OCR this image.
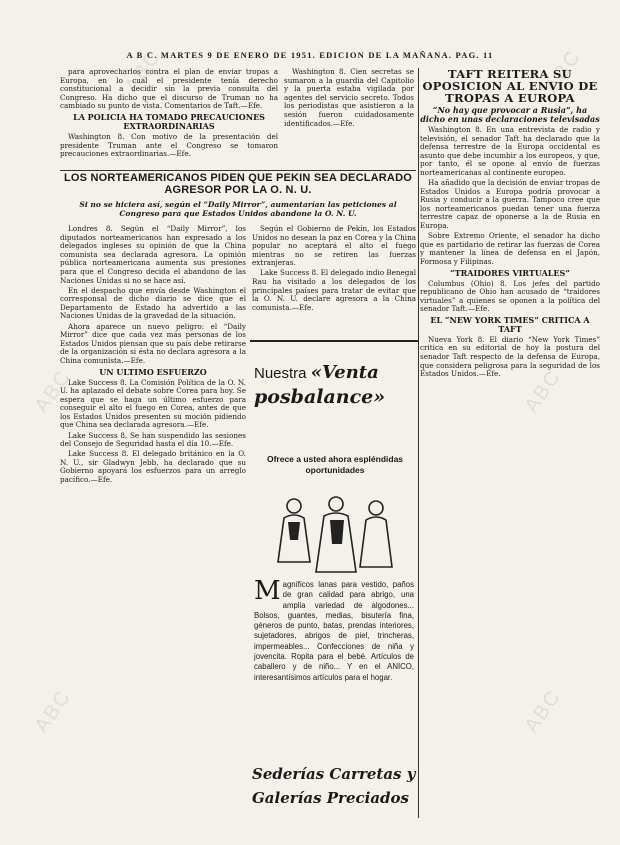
ABC	ABC
ABC	ABC
ABC	ABC
A B C. MARTES 9 DE ENERO DE 1951. EDICION DE LA MAÑANA. PAG. 11

para aprovecharlos contra el plan de enviar tropas a Europa, en lo cual el presidente tenía derecho constitucional a decidir sin la previa consulta del Congreso. Ha dicho que el discurso de Truman no ha cambiado su punto de vista. Comentarios de Taft.—Efe.

LA POLICIA HA TOMADO PRECAUCIONES EXTRAORDINARIAS

Washington 8. Con motivo de la presentación del presidente Truman ante el Congreso se tomaron precauciones extraordinarias.—Efe.

Washington 8. Cien secretas se sumaron a la guardia del Capitolio y la puerta estaba vigilada por agentes del servicio secreto. Todos los periodistas que asistieron a la sesión fueron cuidadosamente identificados.—Efe.

TAFT REITERA SU OPOSICION AL ENVIO DE TROPAS A EUROPA
“No hay que provocar a Rusia”, ha dicho en unas declaraciones televisadas

Washington 8. En una entrevista de radio y televisión, el senador Taft ha declarado que la defensa terrestre de la Europa occidental es asunto que debe incumbir a los europeos, y que, por tanto, él se opone al envío de fuerzas norteamericanas al continente europeo.

Ha añadido que la decisión de enviar tropas de Estados Unidos a Europa podría provocar a Rusia y conducir a la guerra. Tampoco cree que los norteamericanos puedan tener una fuerza terrestre capaz de oponerse a la de Rusia en Europa.

Sobre Extremo Oriente, el senador ha dicho que es partidario de retirar las fuerzas de Corea y mantener la línea de defensa en el Japón, Formosa y Filipinas.

“TRAIDORES VIRTUALES”

Columbus (Ohio) 8. Los jefes del partido republicano de Ohio han acusado de “traidores virtuales” a quienes se oponen a la política del senador Taft.—Efe.

EL “NEW YORK TIMES” CRITICA A TAFT

Nueva York 8. El diario “New York Times” critica en su editorial de hoy la postura del senador Taft respecto de la defensa de Europa, que considera peligrosa para la seguridad de los Estados Unidos.—Efe.

LOS NORTEAMERICANOS PIDEN QUE PEKIN SEA DECLARADO AGRESOR POR LA O. N. U.
Si no se hiciera así, según el “Daily Mirror”, aumentarían las peticiones al Congreso para que Estados Unidos abandone la O. N. U.

Londres 8. Según el “Daily Mirror”, los diputados norteamericanos han expresado a los delegados ingleses su opinión de que la China comunista sea declarada agresora. La opinión pública norteamericana aumenta sus presiones para que el Congreso decida el abandono de las Naciones Unidas si no se hace así.

En el despacho que envía desde Washington el corresponsal de dicho diario se dice que el Departamento de Estado ha advertido a las Naciones Unidas de la gravedad de la situación.

Ahora aparece un nuevo peligro: el “Daily Mirror” dice que cada vez más personas de los Estados Unidos piensan que su país debe retirarse de la organización si ésta no declara agresora a la China comunista.—Efe.

UN ULTIMO ESFUERZO

Lake Success 8. La Comisión Política de la O. N. U. ha aplazado el debate sobre Corea para hoy. Se espera que se haga un último esfuerzo para conseguir el alto el fuego en Corea, antes de que los Estados Unidos presenten su moción pidiendo que China sea declarada agresora.—Efe.

Lake Success 8. Se han suspendido las sesiones del Consejo de Seguridad hasta el día 10.—Efe.

Lake Success 8. El delegado británico en la O. N. U., sir Gladwyn Jebb, ha declarado que su Gobierno apoyará los esfuerzos para un arreglo pacífico.—Efe.

Según el Gobierno de Pekín, los Estados Unidos no desean la paz en Corea y la China popular no aceptará el alto el fuego mientras no se retiren las fuerzas extranjeras.

Lake Success 8. El delegado indio Benegal Rau ha visitado a los delegados de los principales países para tratar de evitar que la O. N. U. declare agresora a la China comunista.—Efe.

Nuestra «Venta
posbalance»
Ofrece a usted ahora espléndidas oportunidades
M agníficos lanas para vestido, paños de gran calidad para abrigo, una amplia variedad de algodones... Bolsos, guantes, medias, bisutería fina, géneros de punto, batas, prendas interiores, sujetadores, abrigos de piel, trincheras, impermeables... Confecciones de niña y jovencita. Ropita para el bebé. Artículos de caballero y de niño... Y en el ANICO, interesantísimos artículos para el hogar.
Sederías Carretas y
Galerías Preciados
